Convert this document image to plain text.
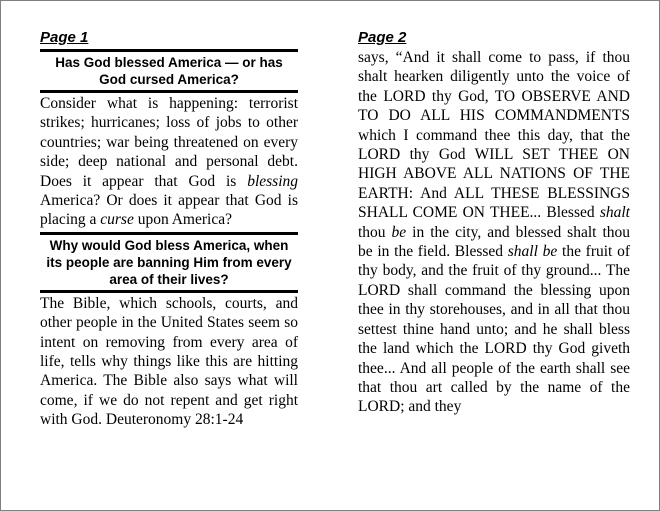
Page 1
Has God blessed America — or has God cursed America?

Consider what is happening: terrorist strikes; hurricanes; loss of jobs to other countries; war being threatened on every side; deep national and personal debt. Does it appear that God is blessing America? Or does it appear that God is placing a curse upon America?

Why would God bless America, when its people are banning Him from every area of their lives?

The Bible, which schools, courts, and other people in the United States seem so intent on removing from every area of life, tells why things like this are hitting America. The Bible also says what will come, if we do not repent and get right with God. Deuteronomy 28:1-24

Page 2

says, “And it shall come to pass, if thou shalt hearken diligently unto the voice of the LORD thy God, TO OBSERVE AND TO DO ALL HIS COMMANDMENTS which I command thee this day, that the LORD thy God WILL SET THEE ON HIGH ABOVE ALL NATIONS OF THE EARTH: And ALL THESE BLESSINGS SHALL COME ON THEE... Blessed shalt thou be in the city, and blessed shalt thou be in the field. Blessed shall be the fruit of thy body, and the fruit of thy ground... The LORD shall command the blessing upon thee in thy storehouses, and in all that thou settest thine hand unto; and he shall bless the land which the LORD thy God giveth thee... And all people of the earth shall see that thou art called by the name of the LORD; and they
